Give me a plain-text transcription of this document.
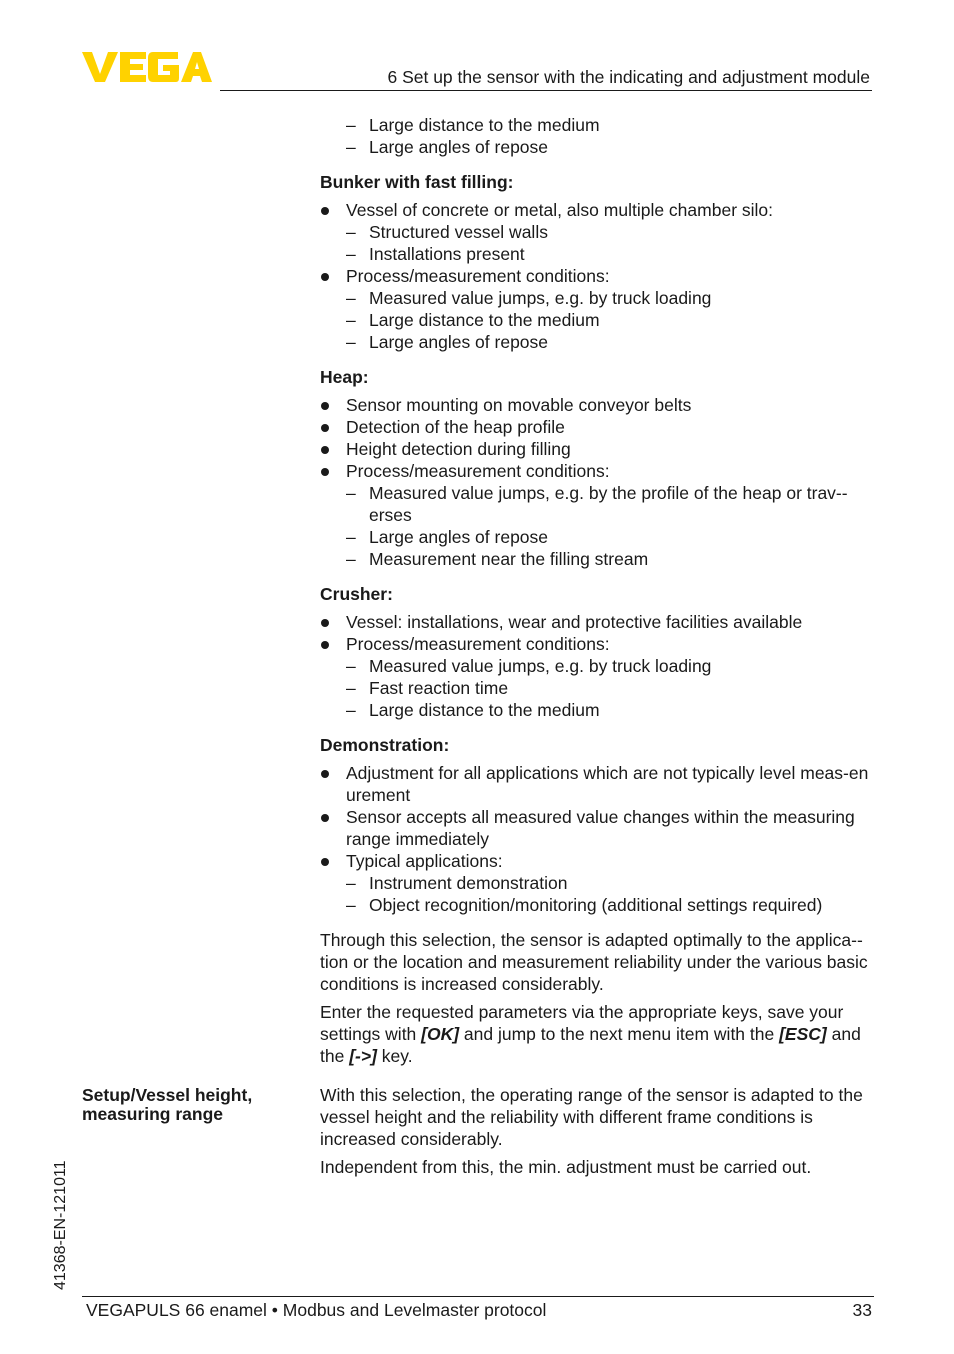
6 Set up the sensor with the indicating and adjustment module
– Large distance to the medium
– Large angles of repose
Bunker with fast filling:
Vessel of concrete or metal, also multiple chamber silo:
– Structured vessel walls
– Installations present
Process/measurement conditions:
– Measured value jumps, e.g. by truck loading
– Large distance to the medium
– Large angles of repose
Heap:
Sensor mounting on movable conveyor belts
Detection of the heap profile
Height detection during filling
Process/measurement conditions:
– Measured value jumps, e.g. by the profile of the heap or trav-erses
– Large angles of repose
– Measurement near the filling stream
Crusher:
Vessel: installations, wear and protective facilities available
Process/measurement conditions:
– Measured value jumps, e.g. by truck loading
– Fast reaction time
– Large distance to the medium
Demonstration:
Adjustment for all applications which are not typically level meas-en urement
Sensor accepts all measured value changes within the measuring range immediately
Typical applications:
– Instrument demonstration
– Object recognition/monitoring (additional settings required)
Through this selection, the sensor is adapted optimally to the applica-tion or the location and measurement reliability under the various basic conditions is increased considerably.
Enter the requested parameters via the appropriate keys, save your settings with [OK] and jump to the next menu item with the [ESC] and the [->] key.
Setup/Vessel height,
measuring range
With this selection, the operating range of the sensor is adapted to the vessel height and the reliability with different frame conditions is increased considerably.
Independent from this, the min. adjustment must be carried out.
41368-EN-121011
VEGAPULS 66 enamel • Modbus and Levelmaster protocol	33
